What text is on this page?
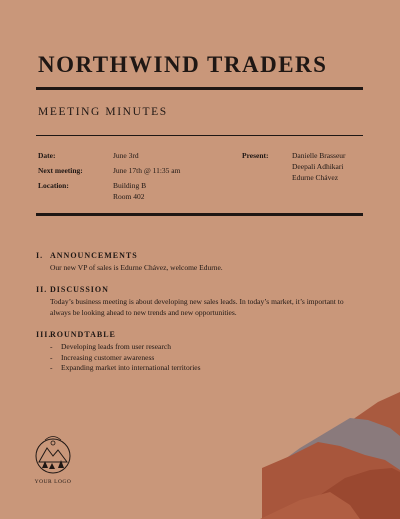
NORTHWIND TRADERS
MEETING MINUTES
Date:
Next meeting:
Location:
June 3rd
June 17th @ 11:35 am
Building B
Room 402
Present:	Danielle Brasseur
Deepali Adhikari
Edurne Chávez
I. ANNOUNCEMENTS
Our new VP of sales is Edurne Chávez, welcome Edurne.
II. DISCUSSION
Today’s business meeting is about developing new sales leads. In today’s market, it’s important to always be looking ahead to new trends and new opportunities.
III.ROUNDTABLE
- Developing leads from user research
- Increasing customer awareness
- Expanding market into international territories
YOUR LOGO
